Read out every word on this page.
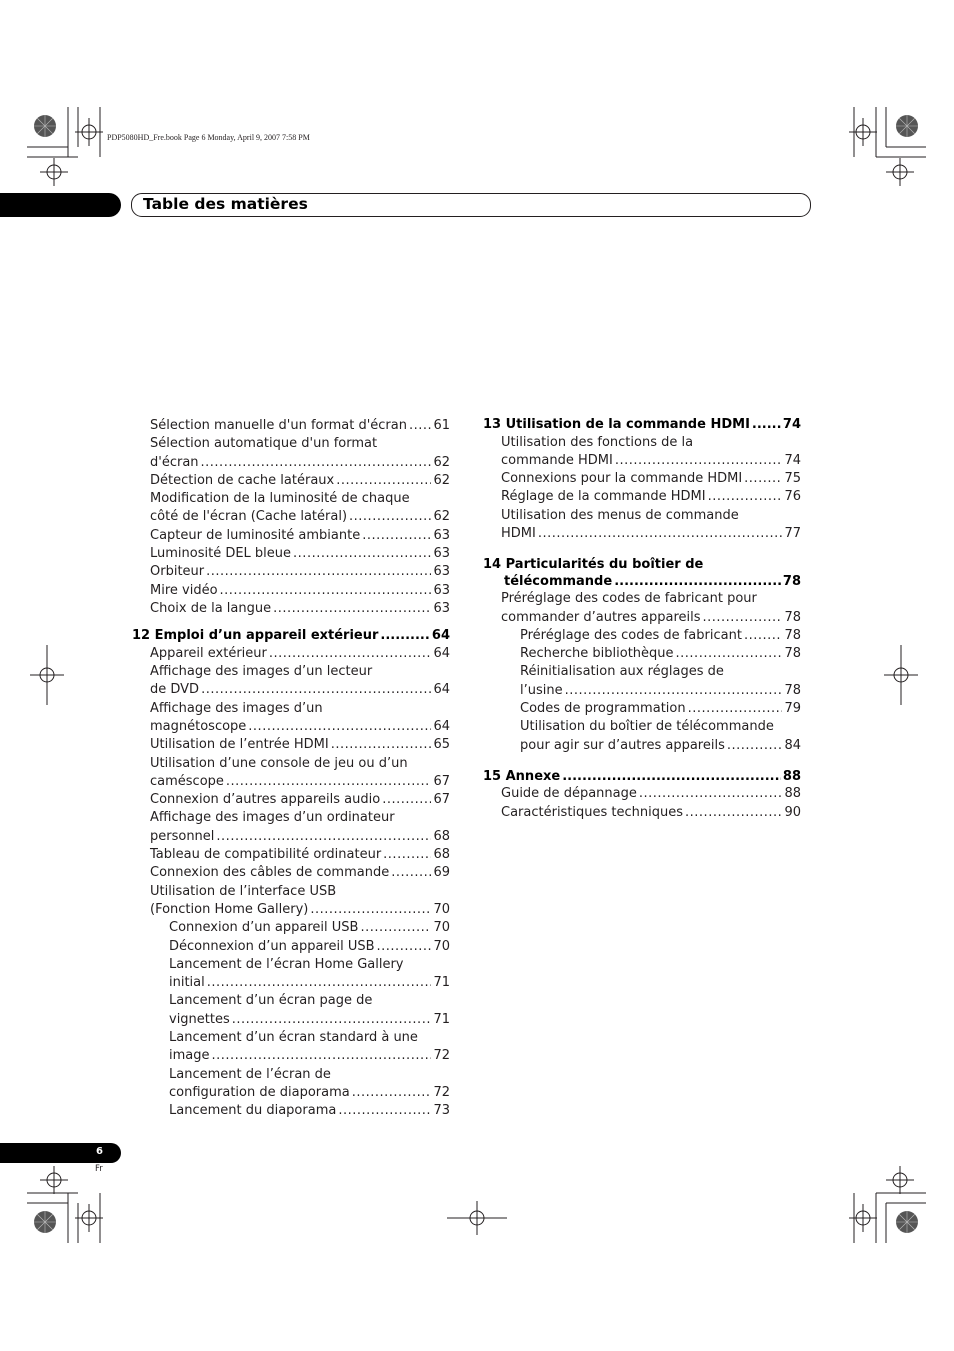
PDP5080HD_Fre.book Page 6 Monday, April 9, 2007 7:58 PM
Table des matières
Sélection manuelle d'un format d'écran ..... 61
Sélection automatique d'un format
d'écran .....	62
Détection de cache latéraux .....	62
Modification de la luminosité de chaque
côté de l'écran (Cache latéral) .....	62
Capteur de luminosité ambiante .....	63
Luminosité DEL bleue .....	63
Orbiteur .....	63
Mire vidéo .....	63
Choix de la langue .....	63
12 Emploi d’un appareil extérieur .....	64
Appareil extérieur .....	64
Affichage des images d’un lecteur
de DVD .....	64
Affichage des images d’un
magnétoscope .....	64
Utilisation de l’entrée HDMI .....	65
Utilisation d’une console de jeu ou d’un
caméscope .....	67
Connexion d’autres appareils audio .....	67
Affichage des images d’un ordinateur
personnel .....	68
Tableau de compatibilité ordinateur .....	68
Connexion des câbles de commande .....	69
Utilisation de l’interface USB
(Fonction Home Gallery) .....	70
Connexion d’un appareil USB .....	70
Déconnexion d’un appareil USB .....	70
Lancement de l’écran Home Gallery
initial .....	71
Lancement d’un écran page de
vignettes .....	71
Lancement d’un écran standard à une
image .....	72
Lancement de l’écran de
configuration de diaporama .....	72
Lancement du diaporama .....	73
13 Utilisation de la commande HDMI .....	74
Utilisation des fonctions de la
commande HDMI .....	74
Connexions pour la commande HDMI .....	75
Réglage de la commande HDMI .....	76
Utilisation des menus de commande
HDMI .....	77
14 Particularités du boîtier de
télécommande .....	78
Préréglage des codes de fabricant pour
commander d’autres appareils .....	78
Préréglage des codes de fabricant .....	78
Recherche bibliothèque .....	78
Réinitialisation aux réglages de
l’usine .....	78
Codes de programmation .....	79
Utilisation du boîtier de télécommande
pour agir sur d’autres appareils .....	84
15 Annexe .....	88
Guide de dépannage .....	88
Caractéristiques techniques .....	90
6
Fr
